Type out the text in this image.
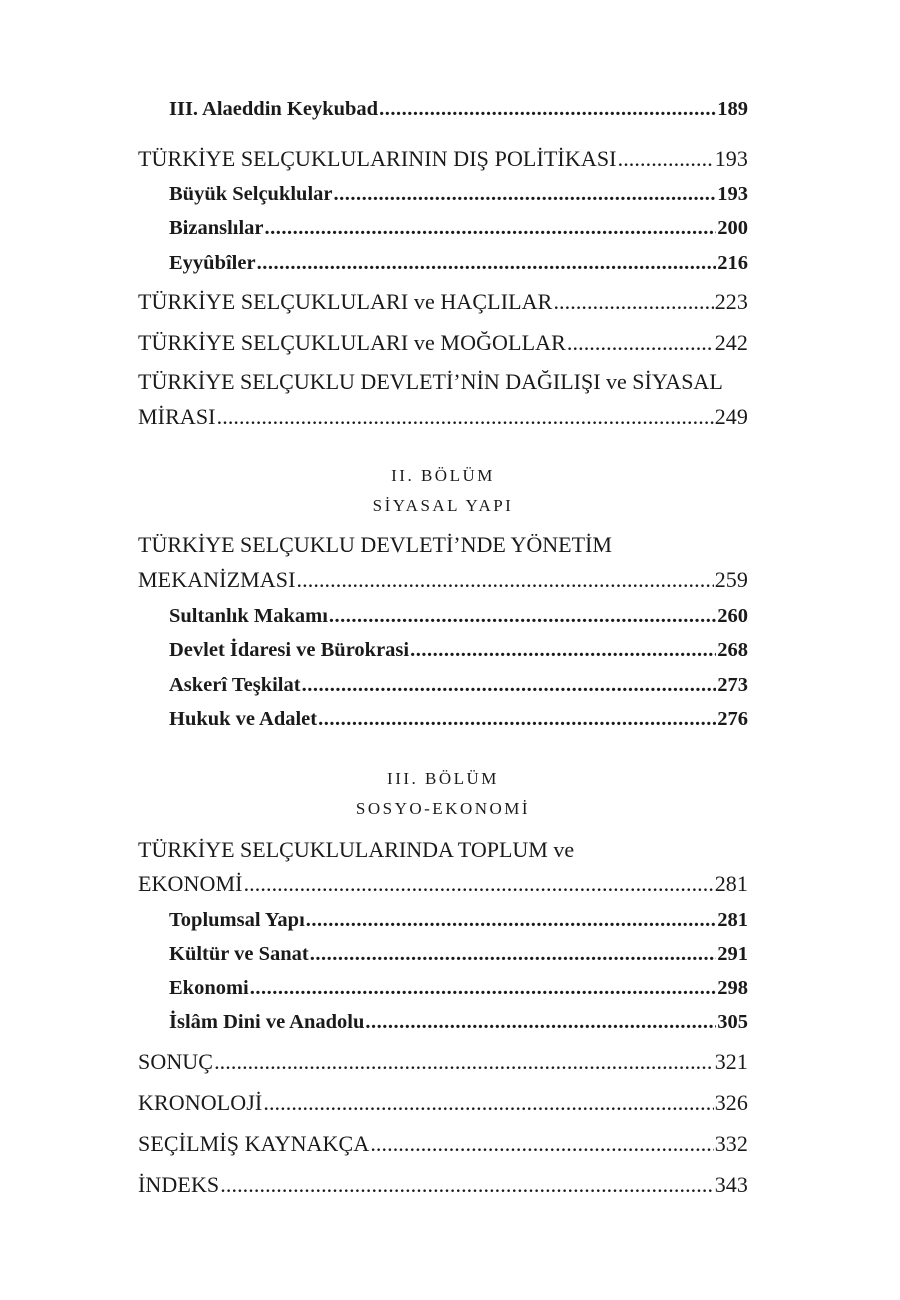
III. Alaeddin Keykubad .....	189
TÜRKİYE SELÇUKLULARININ DIŞ POLİTİKASI .....	193
Büyük Selçuklular .....	193
Bizanslılar .....	200
Eyyûbîler .....	216
TÜRKİYE SELÇUKLULARI ve HAÇLILAR .....	223
TÜRKİYE SELÇUKLULARI ve MOĞOLLAR .....	242
TÜRKİYE SELÇUKLU DEVLETİ’NİN DAĞILIŞI ve SİYASAL
MİRASI .....	249
II. BÖLÜM
SİYASAL YAPI
TÜRKİYE SELÇUKLU DEVLETİ’NDE YÖNETİM
MEKANİZMASI .....	259
Sultanlık Makamı .....	260
Devlet İdaresi ve Bürokrasi .....	268
Askerî Teşkilat .....	273
Hukuk ve Adalet .....	276
III. BÖLÜM
SOSYO-EKONOMİ
TÜRKİYE SELÇUKLULARINDA TOPLUM ve
EKONOMİ .....	281
Toplumsal Yapı .....	281
Kültür ve Sanat .....	291
Ekonomi .....	298
İslâm Dini ve Anadolu .....	305
SONUÇ .....	321
KRONOLOJİ .....	326
SEÇİLMİŞ KAYNAKÇA .....	332
İNDEKS .....	343
